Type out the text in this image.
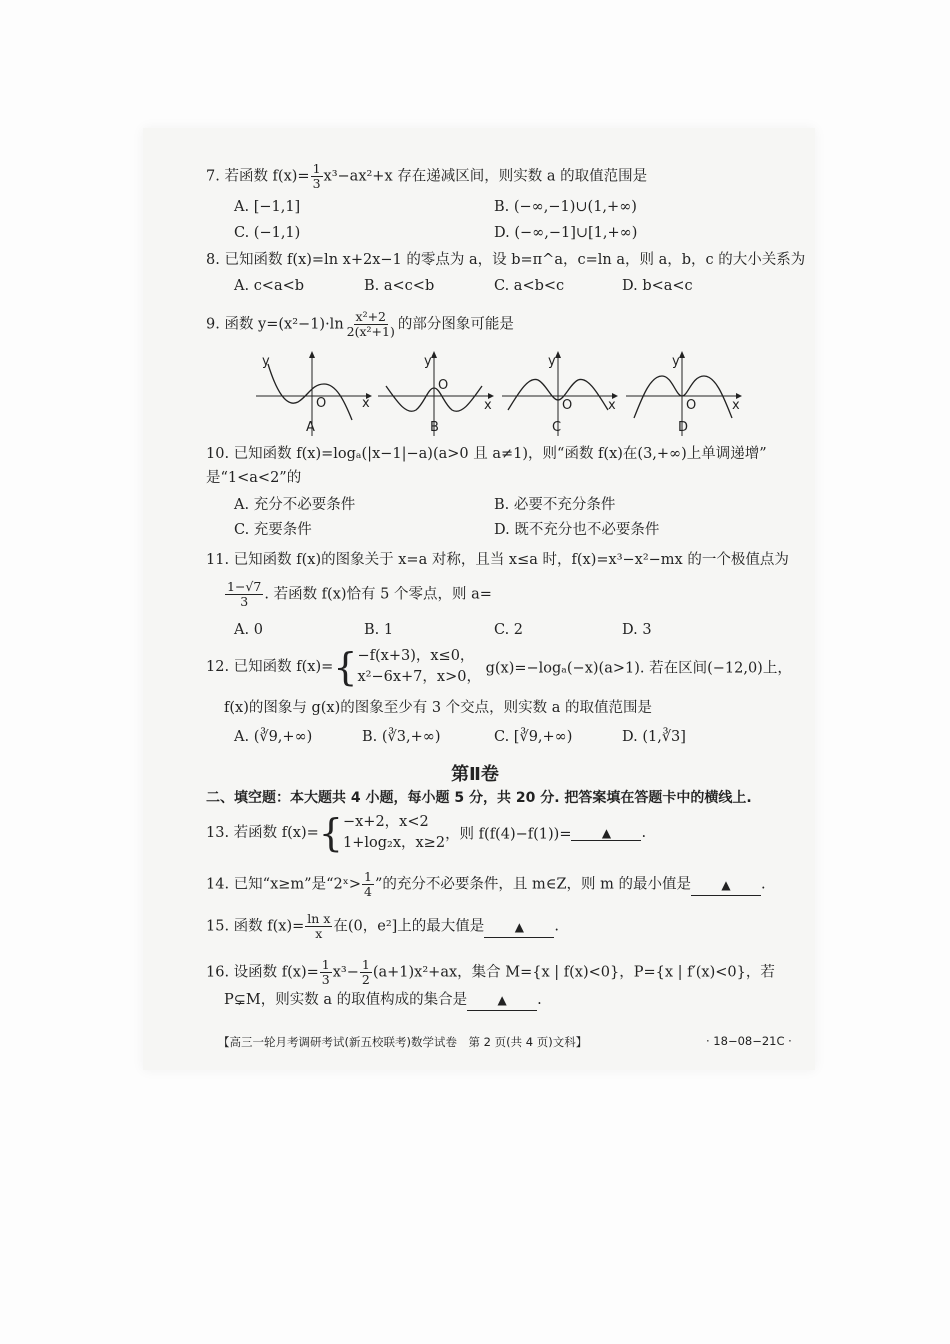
7. 若函数 $f(x)= \frac{1}{3} x^3-ax^2+x$ 存在递减区间，则实数 a 的取值范围是
A. [−1,1]	B. (−∞,−1)∪(1,+∞)
C. (−1,1)	D. (−∞,−1]∪[1,+∞)
8. 已知函数 f(x)=ln x+2x−1 的零点为 a，设 b=π^a，c=ln a，则 a，b，c 的大小关系为
A. c<a<b	B. a<c<b	C. a<b<c	D. b<a<c
9. 函数 $y=(x^2-1)\cdot\ln \frac{\text{x²+2}}{\text{2(x²+1)}}$ 的部分图象可能是
y
O	x
A
y
O
x
B
y
O	x
C
y
O	x
D
10. 已知函数 f(x)=logₐ(|x−1|−a)(a>0 且 a≠1)，则“函数 f(x)在(3,+∞)上单调递增”
是“1<a<2”的
A. 充分不必要条件	B. 必要不充分条件
C. 充要条件	D. 既不充分也不必要条件
11. 已知函数 f(x)的图象关于 x=a 对称，且当 x≤a 时，f(x)=x³−x²−mx 的一个极值点为
$\frac{1-√7}{3}$ . 若函数 f(x)恰有 5 个零点，则 a=
A. 0	B. 1	C. 2	D. 3
12. 已知函数 f(x)={ −f(x+3)，x≤0，
x²−6x+7，x>0，
g(x)=−logₐ(−x)(a>1). 若在区间(−12,0)上，
f(x)的图象与 g(x)的图象至少有 3 个交点，则实数 a 的取值范围是
A. (∛9,+∞)	B. (∛3,+∞)	C. [∛9,+∞)	D. (1,∛3]
第Ⅱ卷
二、填空题：本大题共 4 小题，每小题 5 分，共 20 分. 把答案填在答题卡中的横线上.
13. 若函数 f(x)={ −x+2，x<2
1+log₂x，x≥2
，则 f(f(4)−f(1))=	▲ .
14. 已知“x≥m”是“2ˣ> $\frac{1}{4}$ ”的充分不必要条件，且 m∈Z，则 m 的最小值是	▲ .
15. 函数 $f(x)= \frac{\text{ln x}}{x}$ 在(0，e²]上的最大值是	▲ .
16. 设函数 $f(x)= \frac{1}{3} x^3- \frac{1}{2} (a+1)x^2+ax$，集合 M={x | f(x)<0}，P={x | f′(x)<0}，若
P⊊M，则实数 a 的取值构成的集合是	▲ .
【高三一轮月考调研考试(新五校联考)数学试卷　第 2 页(共 4 页)文科】	· 18−08−21C ·
